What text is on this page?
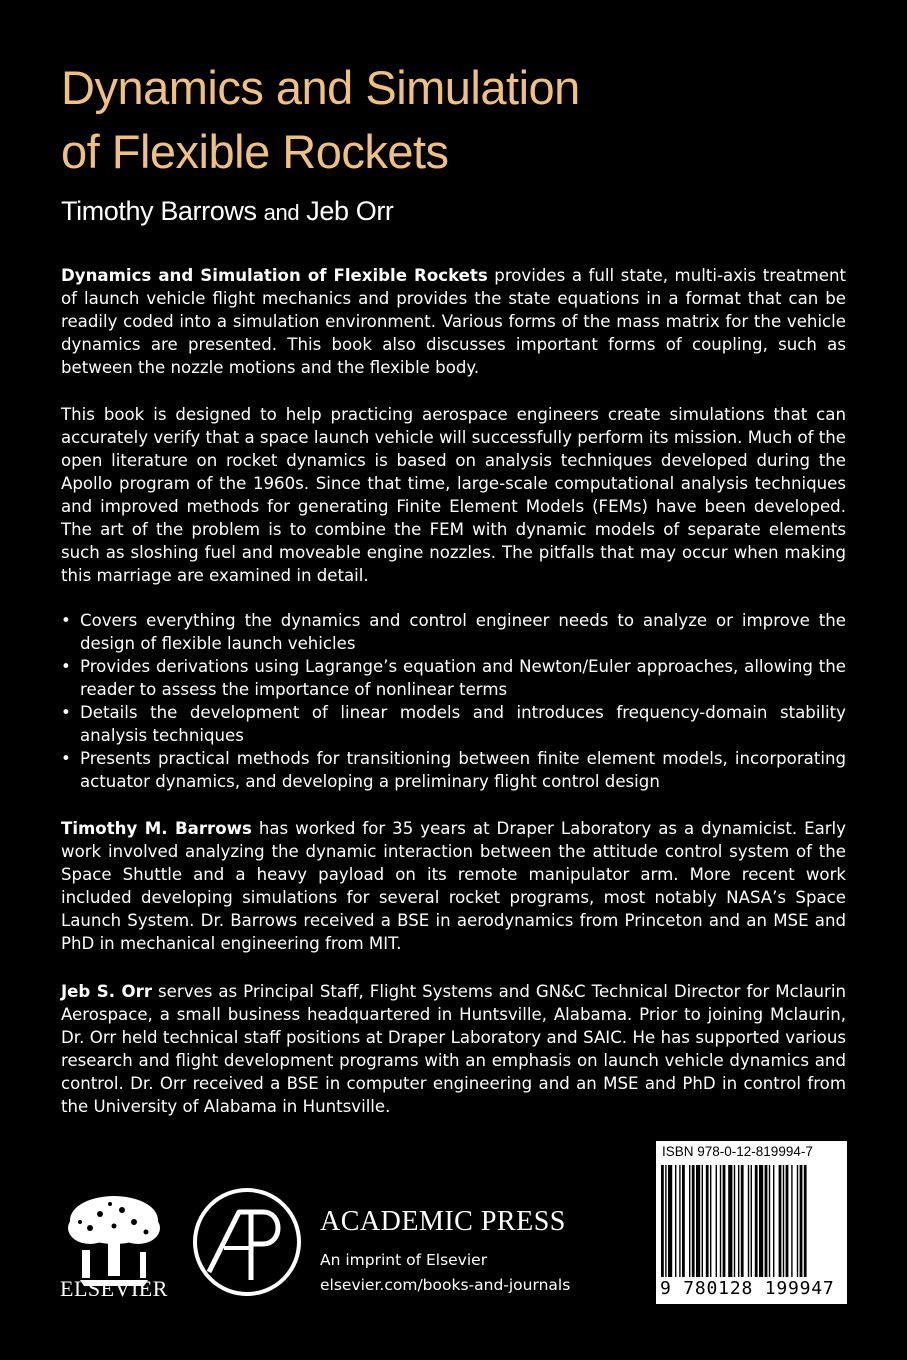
Dynamics and Simulation
of Flexible Rockets
Timothy Barrows and Jeb Orr

Dynamics and Simulation of Flexible Rockets provides a full state, multi-axis treatment of launch vehicle flight mechanics and provides the state equations in a format that can be readily coded into a simulation environment. Various forms of the mass matrix for the vehicle dynamics are presented. This book also discusses important forms of coupling, such as between the nozzle motions and the flexible body.

This book is designed to help practicing aerospace engineers create simulations that can accurately verify that a space launch vehicle will successfully perform its mission. Much of the open literature on rocket dynamics is based on analysis techniques developed during the Apollo program of the 1960s. Since that time, large-scale computational analysis techniques and improved methods for generating Finite Element Models (FEMs) have been developed. The art of the problem is to combine the FEM with dynamic models of separate elements such as sloshing fuel and moveable engine nozzles. The pitfalls that may occur when making this marriage are examined in detail.

• Covers everything the dynamics and control engineer needs to analyze or improve the design of flexible launch vehicles
• Provides derivations using Lagrange’s equation and Newton/Euler approaches, allowing the reader to assess the importance of nonlinear terms
• Details the development of linear models and introduces frequency-domain stability analysis techniques
• Presents practical methods for transitioning between finite element models, incorporating actuator dynamics, and developing a preliminary flight control design

Timothy M. Barrows has worked for 35 years at Draper Laboratory as a dynamicist. Early work involved analyzing the dynamic interaction between the attitude control system of the Space Shuttle and a heavy payload on its remote manipulator arm. More recent work included developing simulations for several rocket programs, most notably NASA’s Space Launch System. Dr. Barrows received a BSE in aerodynamics from Princeton and an MSE and PhD in mechanical engineering from MIT.

Jeb S. Orr serves as Principal Staff, Flight Systems and GN&C Technical Director for Mclaurin Aerospace, a small business headquartered in Huntsville, Alabama. Prior to joining Mclaurin, Dr. Orr held technical staff positions at Draper Laboratory and SAIC. He has supported various research and flight development programs with an emphasis on launch vehicle dynamics and control. Dr. Orr received a BSE in computer engineering and an MSE and PhD in control from the University of Alabama in Huntsville.

ELSEVIER
ACADEMIC PRESS
An imprint of Elsevier
elsevier.com/books-and-journals
ISBN 978-0-12-819994-7
9 780128 199947
